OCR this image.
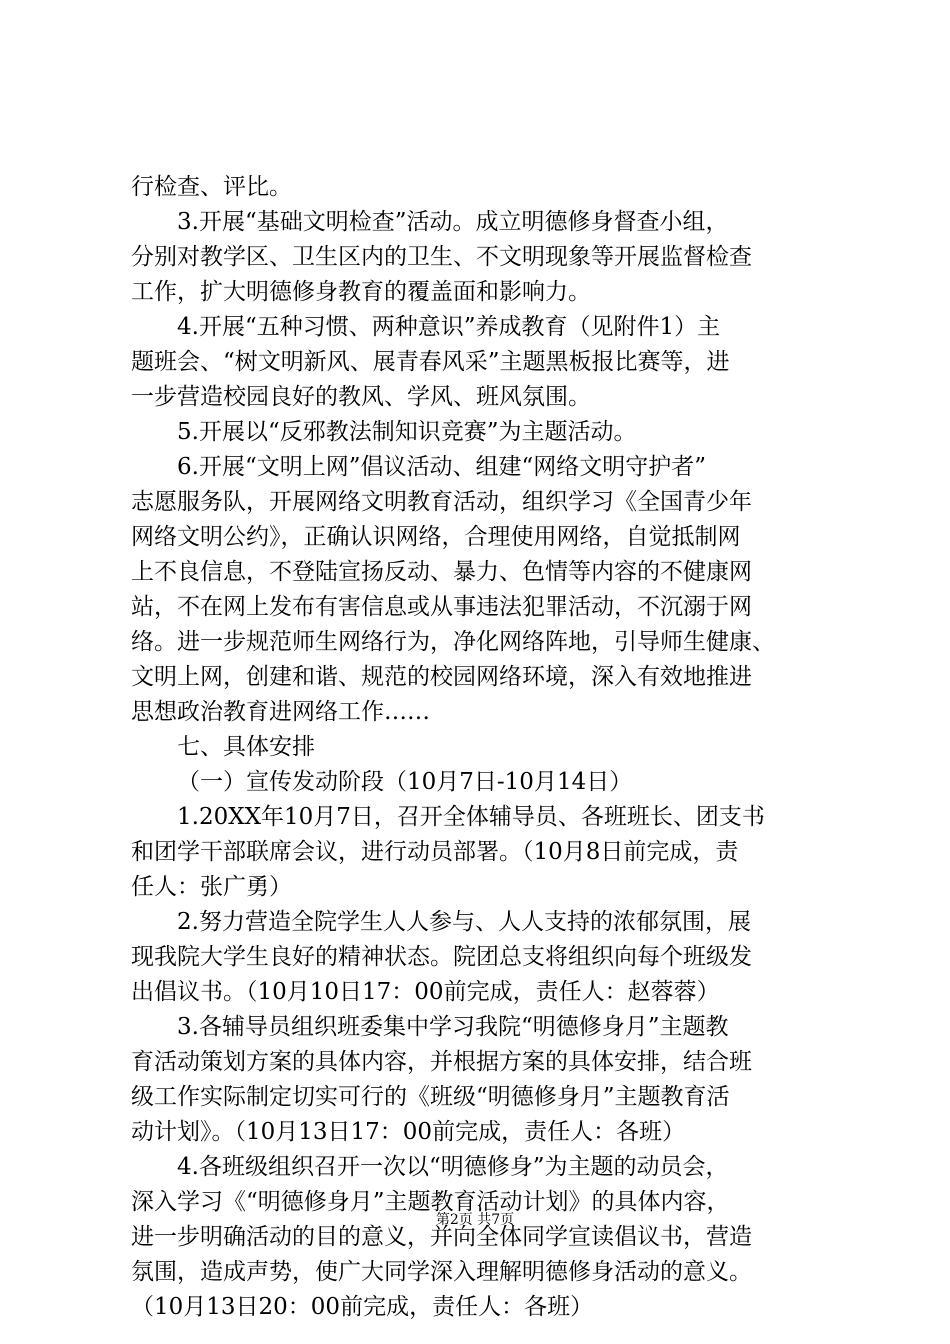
行检查、评比。
3.开展“基础文明检查”活动。成立明德修身督查小组，
分别对教学区、卫生区内的卫生、不文明现象等开展监督检查
工作，扩大明德修身教育的覆盖面和影响力。
4.开展“五种习惯、两种意识”养成教育（见附件1）主
题班会、“树文明新风、展青春风采”主题黑板报比赛等，进
一步营造校园良好的教风、学风、班风氛围。
5.开展以“反邪教法制知识竞赛”为主题活动。
6.开展“文明上网”倡议活动、组建“网络文明守护者”
志愿服务队，开展网络文明教育活动，组织学习《全国青少年
网络文明公约》，正确认识网络，合理使用网络，自觉抵制网
上不良信息，不登陆宣扬反动、暴力、色情等内容的不健康网
站，不在网上发布有害信息或从事违法犯罪活动，不沉溺于网
络。进一步规范师生网络行为，净化网络阵地，引导师生健康、
文明上网，创建和谐、规范的校园网络环境，深入有效地推进
思想政治教育进网络工作……
七、具体安排
（一）宣传发动阶段（10月7日-10月14日）
1.20XX年10月7日，召开全体辅导员、各班班长、团支书
和团学干部联席会议，进行动员部署。（10月8日前完成，责
任人：张广勇）
2.努力营造全院学生人人参与、人人支持的浓郁氛围，展
现我院大学生良好的精神状态。院团总支将组织向每个班级发
出倡议书。（10月10日17：00前完成，责任人：赵蓉蓉）
3.各辅导员组织班委集中学习我院“明德修身月”主题教
育活动策划方案的具体内容，并根据方案的具体安排，结合班
级工作实际制定切实可行的《班级“明德修身月”主题教育活
动计划》。（10月13日17：00前完成，责任人：各班）
4.各班级组织召开一次以“明德修身”为主题的动员会，
深入学习《“明德修身月”主题教育活动计划》的具体内容，
进一步明确活动的目的意义，并向全体同学宣读倡议书，营造
氛围，造成声势，使广大同学深入理解明德修身活动的意义。
（10月13日20：00前完成，责任人：各班）
第2页 共7页
